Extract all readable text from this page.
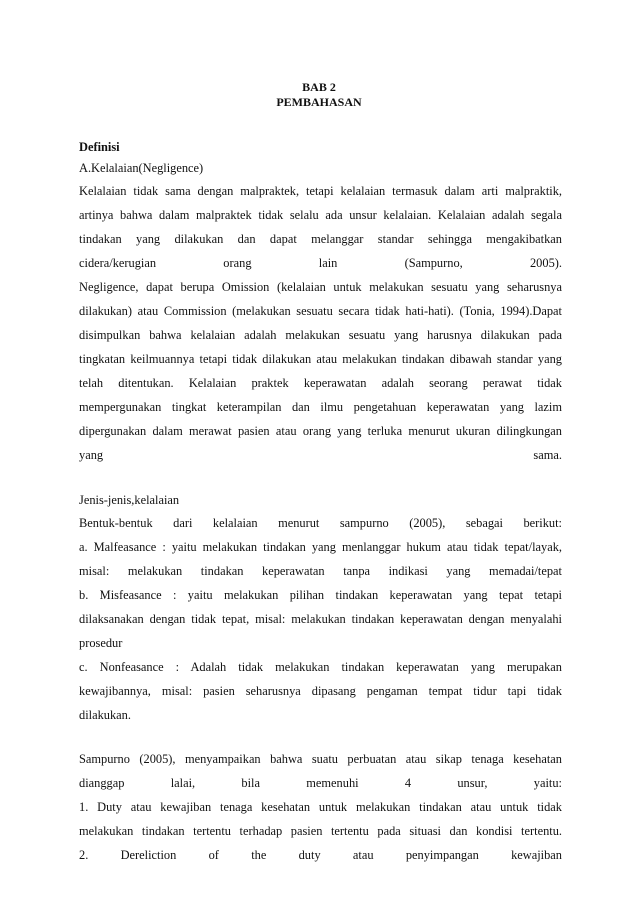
BAB 2
PEMBAHASAN
Definisi
A.Kelalaian(Negligence)
Kelalaian tidak sama dengan malpraktek, tetapi kelalaian termasuk dalam arti malpraktik,
artinya bahwa dalam malpraktek tidak selalu ada unsur kelalaian. Kelalaian adalah segala
tindakan yang dilakukan dan dapat melanggar standar sehingga mengakibatkan
cidera/kerugian orang lain (Sampurno, 2005).
Negligence, dapat berupa Omission (kelalaian untuk melakukan sesuatu yang seharusnya
dilakukan) atau Commission (melakukan sesuatu secara tidak hati-hati). (Tonia, 1994).Dapat
disimpulkan bahwa kelalaian adalah melakukan sesuatu yang harusnya dilakukan pada
tingkatan keilmuannya tetapi tidak dilakukan atau melakukan tindakan dibawah standar yang
telah ditentukan. Kelalaian praktek keperawatan adalah seorang perawat tidak
mempergunakan tingkat keterampilan dan ilmu pengetahuan keperawatan yang lazim
dipergunakan dalam merawat pasien atau orang yang terluka menurut ukuran dilingkungan
yang sama.
Jenis-jenis,kelalaian
Bentuk-bentuk dari kelalaian menurut sampurno (2005), sebagai berikut:
a. Malfeasance : yaitu melakukan tindakan yang menlanggar hukum atau tidak tepat/layak,
misal: melakukan tindakan keperawatan tanpa indikasi yang memadai/tepat
b. Misfeasance : yaitu melakukan pilihan tindakan keperawatan yang tepat tetapi
dilaksanakan dengan tidak tepat, misal: melakukan tindakan keperawatan dengan menyalahi
prosedur
c. Nonfeasance : Adalah tidak melakukan tindakan keperawatan yang merupakan
kewajibannya, misal: pasien seharusnya dipasang pengaman tempat tidur tapi tidak
dilakukan.
Sampurno (2005), menyampaikan bahwa suatu perbuatan atau sikap tenaga kesehatan
dianggap lalai, bila memenuhi 4 unsur, yaitu:
1. Duty atau kewajiban tenaga kesehatan untuk melakukan tindakan atau untuk tidak
melakukan tindakan tertentu terhadap pasien tertentu pada situasi dan kondisi tertentu.
2. Dereliction of the duty atau penyimpangan kewajiban
